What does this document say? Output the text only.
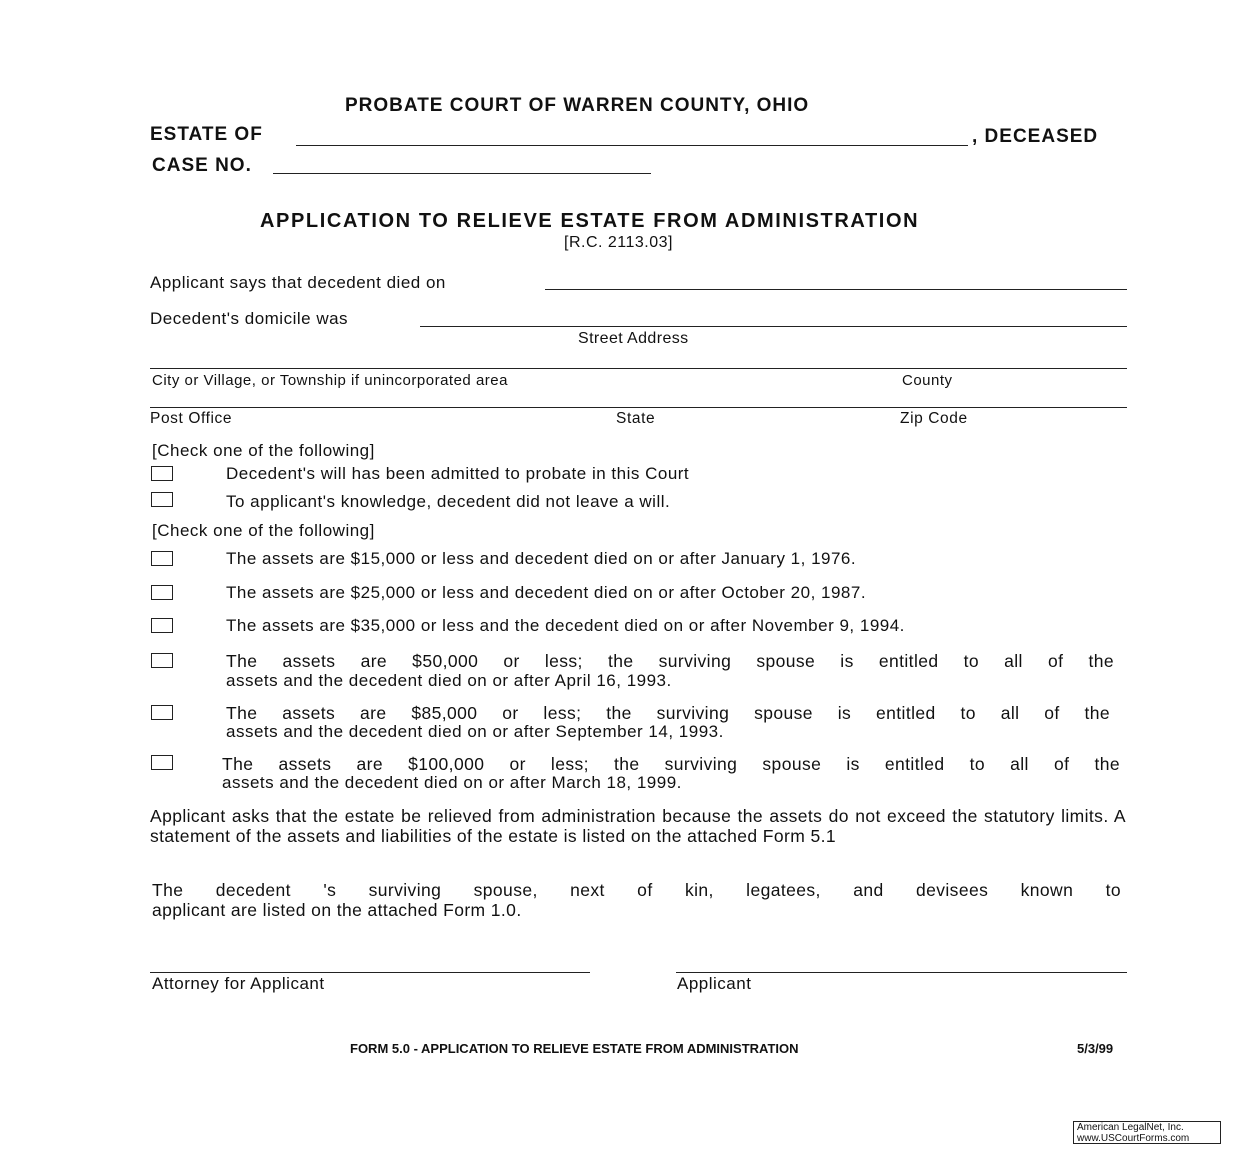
PROBATE COURT OF WARREN COUNTY, OHIO
ESTATE OF	, DECEASED
CASE NO.
APPLICATION TO RELIEVE ESTATE FROM ADMINISTRATION
[R.C. 2113.03]
Applicant says that decedent died on
Decedent's domicile was
Street Address
City or Village, or Township if unincorporated area	County
Post Office	State	Zip Code
[Check one of the following]
Decedent's will has been admitted to probate in this Court
To applicant's knowledge, decedent did not leave a will.
[Check one of the following]
The assets are $15,000 or less and decedent died on or after January 1, 1976.
The assets are $25,000 or less and decedent died on or after October 20, 1987.
The assets are $35,000 or less and the decedent died on or after November 9, 1994.
The assets are $50,000 or less; the surviving spouse is entitled to all of the
assets and the decedent died on or after April 16, 1993.
The assets are $85,000 or less; the surviving spouse is entitled to all of the
assets and the decedent died on or after September 14, 1993.
The assets are $100,000 or less; the surviving spouse is entitled to all of the
assets and the decedent died on or after March 18, 1999.
Applicant asks that the estate be relieved from administration because the assets do not exceed the statutory limits. A statement of the assets and liabilities of the estate is listed on the attached Form 5.1
The decedent 's surviving spouse, next of kin, legatees, and devisees known to
applicant are listed on the attached Form 1.0.
Attorney for Applicant	Applicant
FORM 5.0 - APPLICATION TO RELIEVE ESTATE FROM ADMINISTRATION	5/3/99
American LegalNet, Inc.
www.USCourtForms.com
